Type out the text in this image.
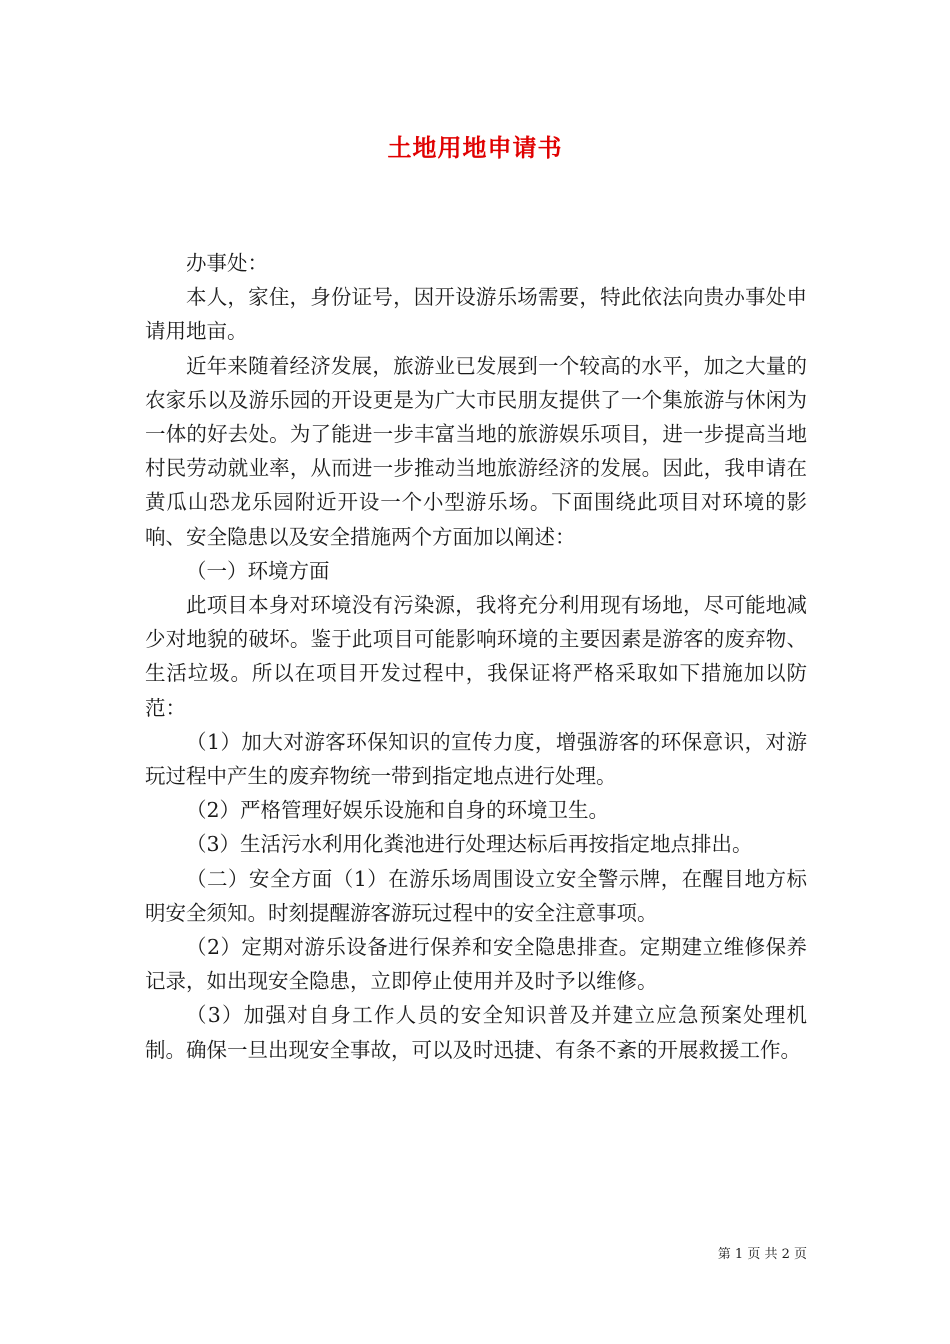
土地用地申请书

办事处：

本人，家住，身份证号，因开设游乐场需要，特此依法向贵办事处申请用地亩。

近年来随着经济发展，旅游业已发展到一个较高的水平，加之大量的农家乐以及游乐园的开设更是为广大市民朋友提供了一个集旅游与休闲为一体的好去处。为了能进一步丰富当地的旅游娱乐项目，进一步提高当地村民劳动就业率，从而进一步推动当地旅游经济的发展。因此，我申请在黄瓜山恐龙乐园附近开设一个小型游乐场。下面围绕此项目对环境的影响、安全隐患以及安全措施两个方面加以阐述：

（一）环境方面

此项目本身对环境没有污染源，我将充分利用现有场地，尽可能地减少对地貌的破坏。鉴于此项目可能影响环境的主要因素是游客的废弃物、生活垃圾。所以在项目开发过程中，我保证将严格采取如下措施加以防范：

（1）加大对游客环保知识的宣传力度，增强游客的环保意识，对游玩过程中产生的废弃物统一带到指定地点进行处理。

（2）严格管理好娱乐设施和自身的环境卫生。

（3）生活污水利用化粪池进行处理达标后再按指定地点排出。

（二）安全方面（1）在游乐场周围设立安全警示牌，在醒目地方标明安全须知。时刻提醒游客游玩过程中的安全注意事项。

（2）定期对游乐设备进行保养和安全隐患排查。定期建立维修保养记录，如出现安全隐患，立即停止使用并及时予以维修。

（3）加强对自身工作人员的安全知识普及并建立应急预案处理机制。确保一旦出现安全事故，可以及时迅捷、有条不紊的开展救援工作。

第 1 页 共 2 页
